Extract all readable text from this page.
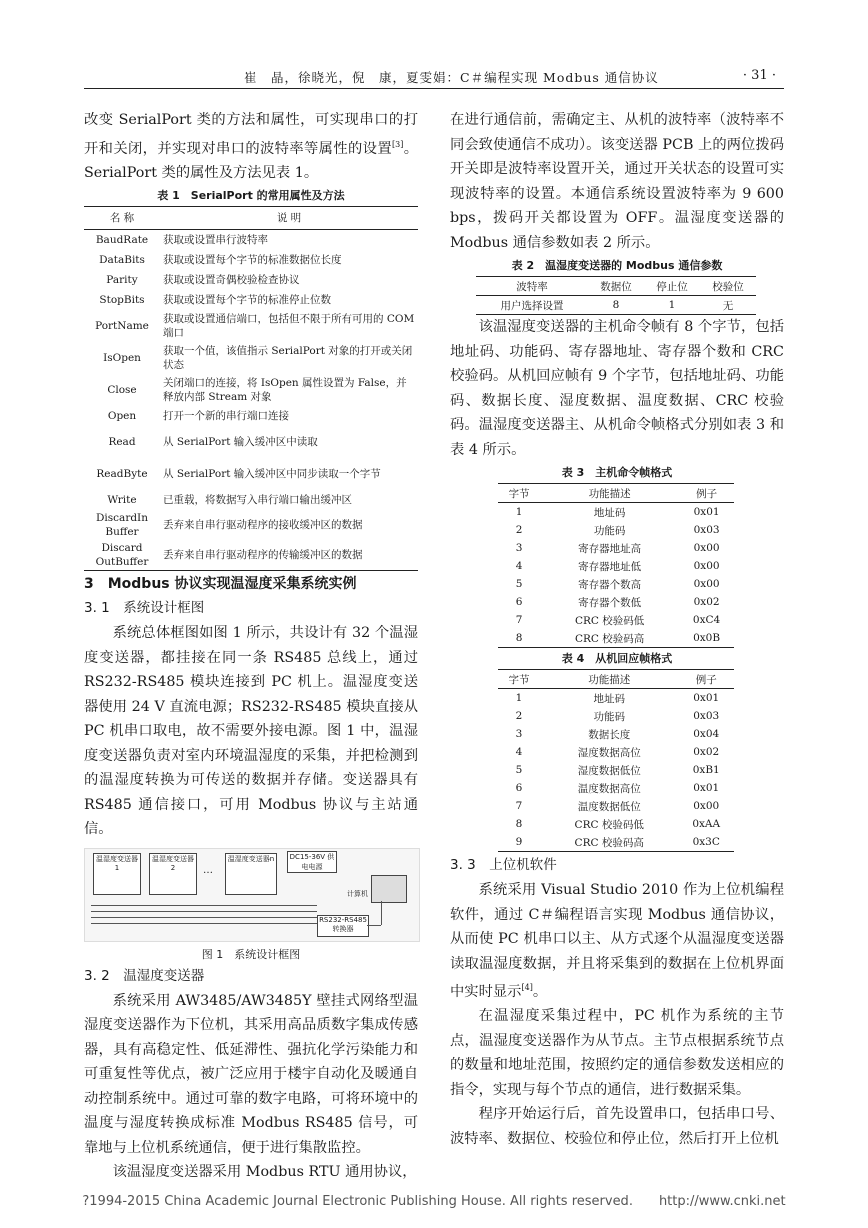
崔　晶，徐晓光，倪　康，夏雯娟：C＃编程实现 Modbus 通信协议	· 31 ·

改变 SerialPort 类的方法和属性，可实现串口的打开和关闭，并实现对串口的波特率等属性的设置[3]。SerialPort 类的属性及方法见表 1。

表 1　SerialPort 的常用属性及方法
名 称	说 明
BaudRate	获取或设置串行波特率
DataBits	获取或设置每个字节的标准数据位长度
Parity	获取或设置奇偶校验检查协议
StopBits	获取或设置每个字节的标准停止位数
PortName	获取或设置通信端口，包括但不限于所有可用的 COM 端口
IsOpen	获取一个值，该值指示 SerialPort 对象的打开或关闭状态
Close	关闭端口的连接，将 IsOpen 属性设置为 False，并释放内部 Stream 对象
Open	打开一个新的串行端口连接
Read	从 SerialPort 输入缓冲区中读取
ReadByte	从 SerialPort 输入缓冲区中同步读取一个字节
Write	已重载，将数据写入串行端口输出缓冲区
DiscardIn Buffer	丢弃来自串行驱动程序的接收缓冲区的数据
Discard OutBuffer	丢弃来自串行驱动程序的传输缓冲区的数据
3　Modbus 协议实现温湿度采集系统实例
3. 1　系统设计框图

系统总体框图如图 1 所示，共设计有 32 个温湿度变送器，都挂接在同一条 RS485 总线上，通过 RS232-RS485 模块连接到 PC 机上。温湿度变送器使用 24 V 直流电源；RS232-RS485 模块直接从 PC 机串口取电，故不需要外接电源。图 1 中，温湿度变送器负责对室内环境温湿度的采集，并把检测到的温湿度转换为可传送的数据并存储。变送器具有 RS485 通信接口，可用 Modbus 协议与主站通信。

温湿度变送器1
温湿度变送器2	…
温湿度变送器n	DC15-36V 供电电源
计算机
RS232-RS485 转换器
图 1　系统设计框图
3. 2　温湿度变送器

系统采用 AW3485/AW3485Y 壁挂式网络型温湿度变送器作为下位机，其采用高品质数字集成传感器，具有高稳定性、低延滞性、强抗化学污染能力和可重复性等优点，被广泛应用于楼宇自动化及暖通自动控制系统中。通过可靠的数字电路，可将环境中的温度与湿度转换成标准 Modbus RS485 信号，可靠地与上位机系统通信，便于进行集散监控。

该温湿度变送器采用 Modbus RTU 通用协议，

在进行通信前，需确定主、从机的波特率（波特率不同会致使通信不成功）。该变送器 PCB 上的两位拨码开关即是波特率设置开关，通过开关状态的设置可实现波特率的设置。本通信系统设置波特率为 9 600 bps，拨码开关都设置为 OFF。温湿度变送器的 Modbus 通信参数如表 2 所示。

表 2　温湿度变送器的 Modbus 通信参数
波特率	数据位	停止位	校验位
用户选择设置	8	1	无

该温湿度变送器的主机命令帧有 8 个字节，包括地址码、功能码、寄存器地址、寄存器个数和 CRC 校验码。从机回应帧有 9 个字节，包括地址码、功能码、数据长度、湿度数据、温度数据、CRC 校验码。温湿度变送器主、从机命令帧格式分别如表 3 和表 4 所示。

表 3　主机命令帧格式
字节	功能描述	例子
1	地址码	0x01
2	功能码	0x03
3	寄存器地址高	0x00
4	寄存器地址低	0x00
5	寄存器个数高	0x00
6	寄存器个数低	0x02
7	CRC 校验码低	0xC4
8	CRC 校验码高	0x0B
表 4　从机回应帧格式
字节	功能描述	例子
1	地址码	0x01
2	功能码	0x03
3	数据长度	0x04
4	湿度数据高位	0x02
5	湿度数据低位	0xB1
6	温度数据高位	0x01
7	温度数据低位	0x00
8	CRC 校验码低	0xAA
9	CRC 校验码高	0x3C
3. 3　上位机软件

系统采用 Visual Studio 2010 作为上位机编程软件，通过 C＃编程语言实现 Modbus 通信协议，从而使 PC 机串口以主、从方式逐个从温湿度变送器读取温湿度数据，并且将采集到的数据在上位机界面中实时显示[4]。

在温湿度采集过程中，PC 机作为系统的主节点，温湿度变送器作为从节点。主节点根据系统节点的数量和地址范围，按照约定的通信参数发送相应的指令，实现与每个节点的通信，进行数据采集。

程序开始运行后，首先设置串口，包括串口号、波特率、数据位、校验位和停止位，然后打开上位机

?1994-2015 China Academic Journal Electronic Publishing House. All rights reserved.　　http://www.cnki.net
